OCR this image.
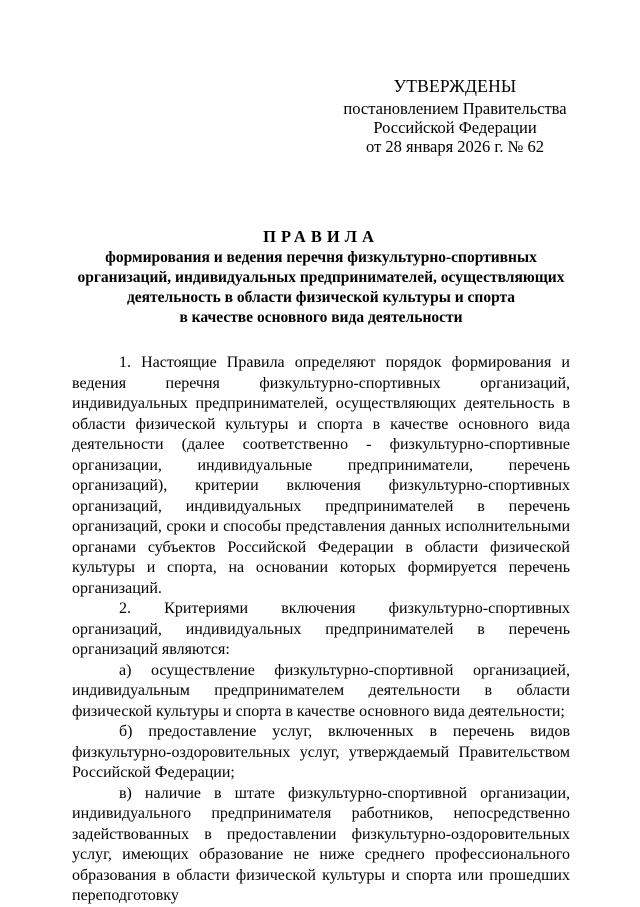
УТВЕРЖДЕНЫ
постановлением Правительства
Российской Федерации
от 28 января 2026 г. № 62
ПРАВИЛА
формирования и ведения перечня физкультурно-спортивных
организаций, индивидуальных предпринимателей, осуществляющих
деятельность в области физической культуры и спорта
в качестве основного вида деятельности

1. Настоящие Правила определяют порядок формирования и ведения перечня физкультурно-спортивных организаций, индивидуальных предпринимателей, осуществляющих деятельность в области физической культуры и спорта в качестве основного вида деятельности (далее соответственно - физкультурно-спортивные организации, индивидуальные предприниматели, перечень организаций), критерии включения физкультурно-спортивных организаций, индивидуальных предпринимателей в перечень организаций, сроки и способы представления данных исполнительными органами субъектов Российской Федерации в области физической культуры и спорта, на основании которых формируется перечень организаций.

2. Критериями включения физкультурно-спортивных организаций, индивидуальных предпринимателей в перечень организаций являются:

а) осуществление физкультурно-спортивной организацией, индивидуальным предпринимателем деятельности в области физической культуры и спорта в качестве основного вида деятельности;

б) предоставление услуг, включенных в перечень видов физкультурно-оздоровительных услуг, утверждаемый Правительством Российской Федерации;

в) наличие в штате физкультурно-спортивной организации, индивидуального предпринимателя работников, непосредственно задействованных в предоставлении физкультурно-оздоровительных услуг, имеющих образование не ниже среднего профессионального образования в области физической культуры и спорта или прошедших переподготовку
